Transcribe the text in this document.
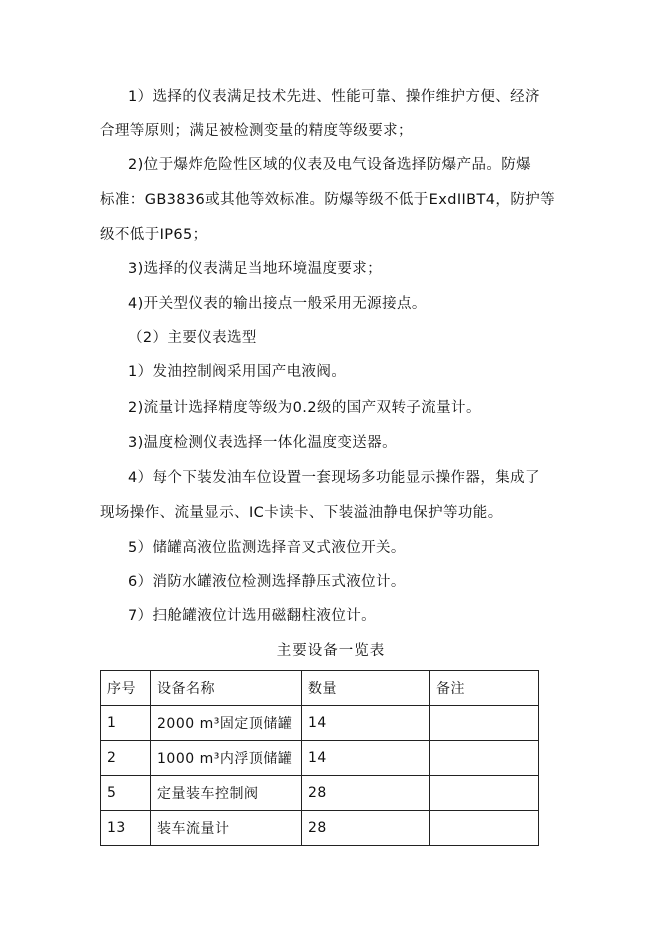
1）选择的仪表满足技术先进、性能可靠、操作维护方便、经济
合理等原则；满足被检测变量的精度等级要求；
2)位于爆炸危险性区域的仪表及电气设备选择防爆产品。防爆
标准：GB3836或其他等效标准。防爆等级不低于ExdIIBT4，防护等
级不低于IP65；
3)选择的仪表满足当地环境温度要求；
4)开关型仪表的输出接点一般采用无源接点。
（2）主要仪表选型
1）发油控制阀采用国产电液阀。
2)流量计选择精度等级为0.2级的国产双转子流量计。
3)温度检测仪表选择一体化温度变送器。
4）每个下装发油车位设置一套现场多功能显示操作器，集成了
现场操作、流量显示、IC卡读卡、下装溢油静电保护等功能。
5）储罐高液位监测选择音叉式液位开关。
6）消防水罐液位检测选择静压式液位计。
7）扫舱罐液位计选用磁翻柱液位计。
主要设备一览表
序号	设备名称	数量	备注
1	2000 m³固定顶储罐	14	
2	1000 m³内浮顶储罐	14	
5	定量装车控制阀	28	
13	装车流量计	28	
